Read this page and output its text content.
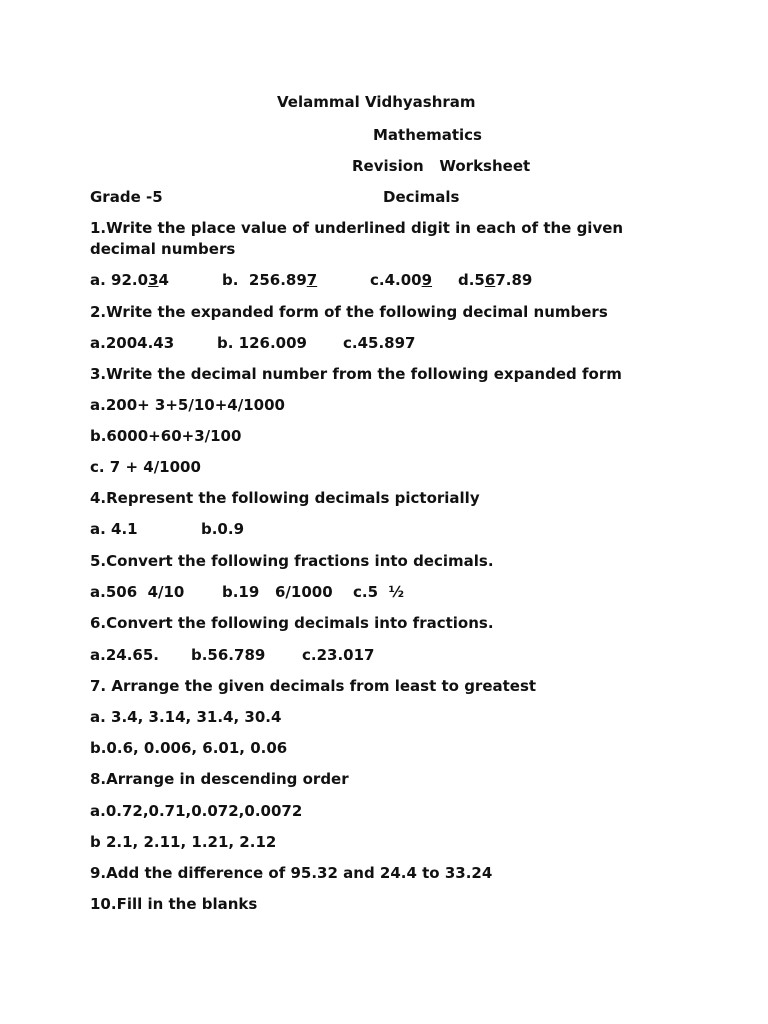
Velammal Vidhyashram
Mathematics
Revision   Worksheet
Grade -5	Decimals
1.Write the place value of underlined digit in each of the given decimal numbers
a. 92.034	b.  256.897	c.4.009 d.567.89
2.Write the expanded form of the following decimal numbers
a.2004.43	b. 126.009 c.45.897
3.Write the decimal number from the following expanded form
a.200+ 3+5/10+4/1000
b.6000+60+3/100
c. 7 + 4/1000
4.Represent the following decimals pictorially
a. 4.1	b.0.9
5.Convert the following fractions into decimals.
a.506  4/10	b.19   6/1000 c.5  ½
6.Convert the following decimals into fractions.
a.24.65. b.56.789 c.23.017
7. Arrange the given decimals from least to greatest
a. 3.4, 3.14, 31.4, 30.4
b.0.6, 0.006, 6.01, 0.06
8.Arrange in descending order
a.0.72,0.71,0.072,0.0072
b 2.1, 2.11, 1.21, 2.12
9.Add the difference of 95.32 and 24.4 to 33.24
10.Fill in the blanks
